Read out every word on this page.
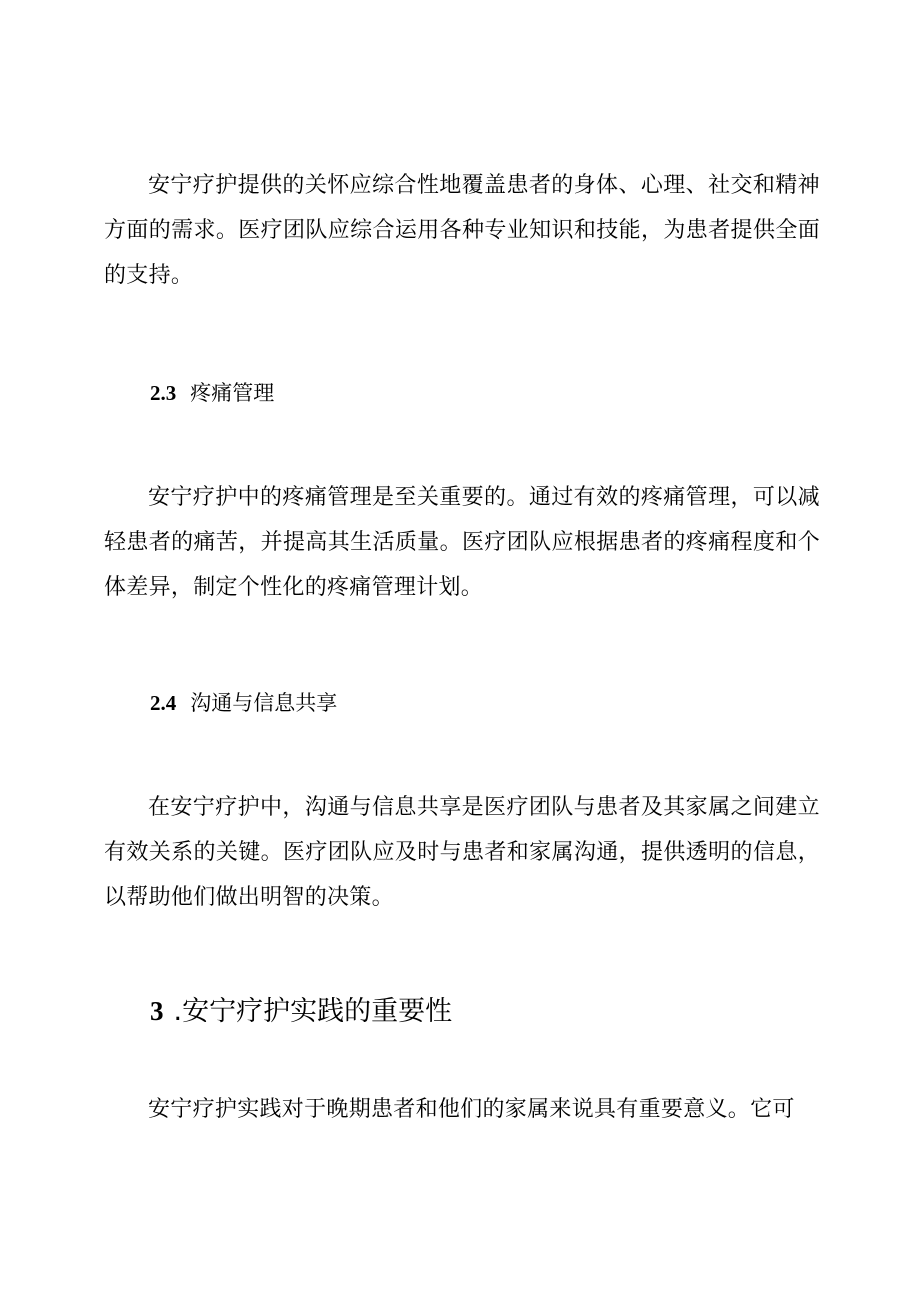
安宁疗护提供的关怀应综合性地覆盖患者的身体、心理、社交和精神方面的需求。医疗团队应综合运用各种专业知识和技能，为患者提供全面的支持。

2.3 疼痛管理

安宁疗护中的疼痛管理是至关重要的。通过有效的疼痛管理，可以减轻患者的痛苦，并提高其生活质量。医疗团队应根据患者的疼痛程度和个体差异，制定个性化的疼痛管理计划。

2.4 沟通与信息共享

在安宁疗护中，沟通与信息共享是医疗团队与患者及其家属之间建立有效关系的关键。医疗团队应及时与患者和家属沟通，提供透明的信息，以帮助他们做出明智的决策。

3 .安宁疗护实践的重要性

安宁疗护实践对于晚期患者和他们的家属来说具有重要意义。它可
